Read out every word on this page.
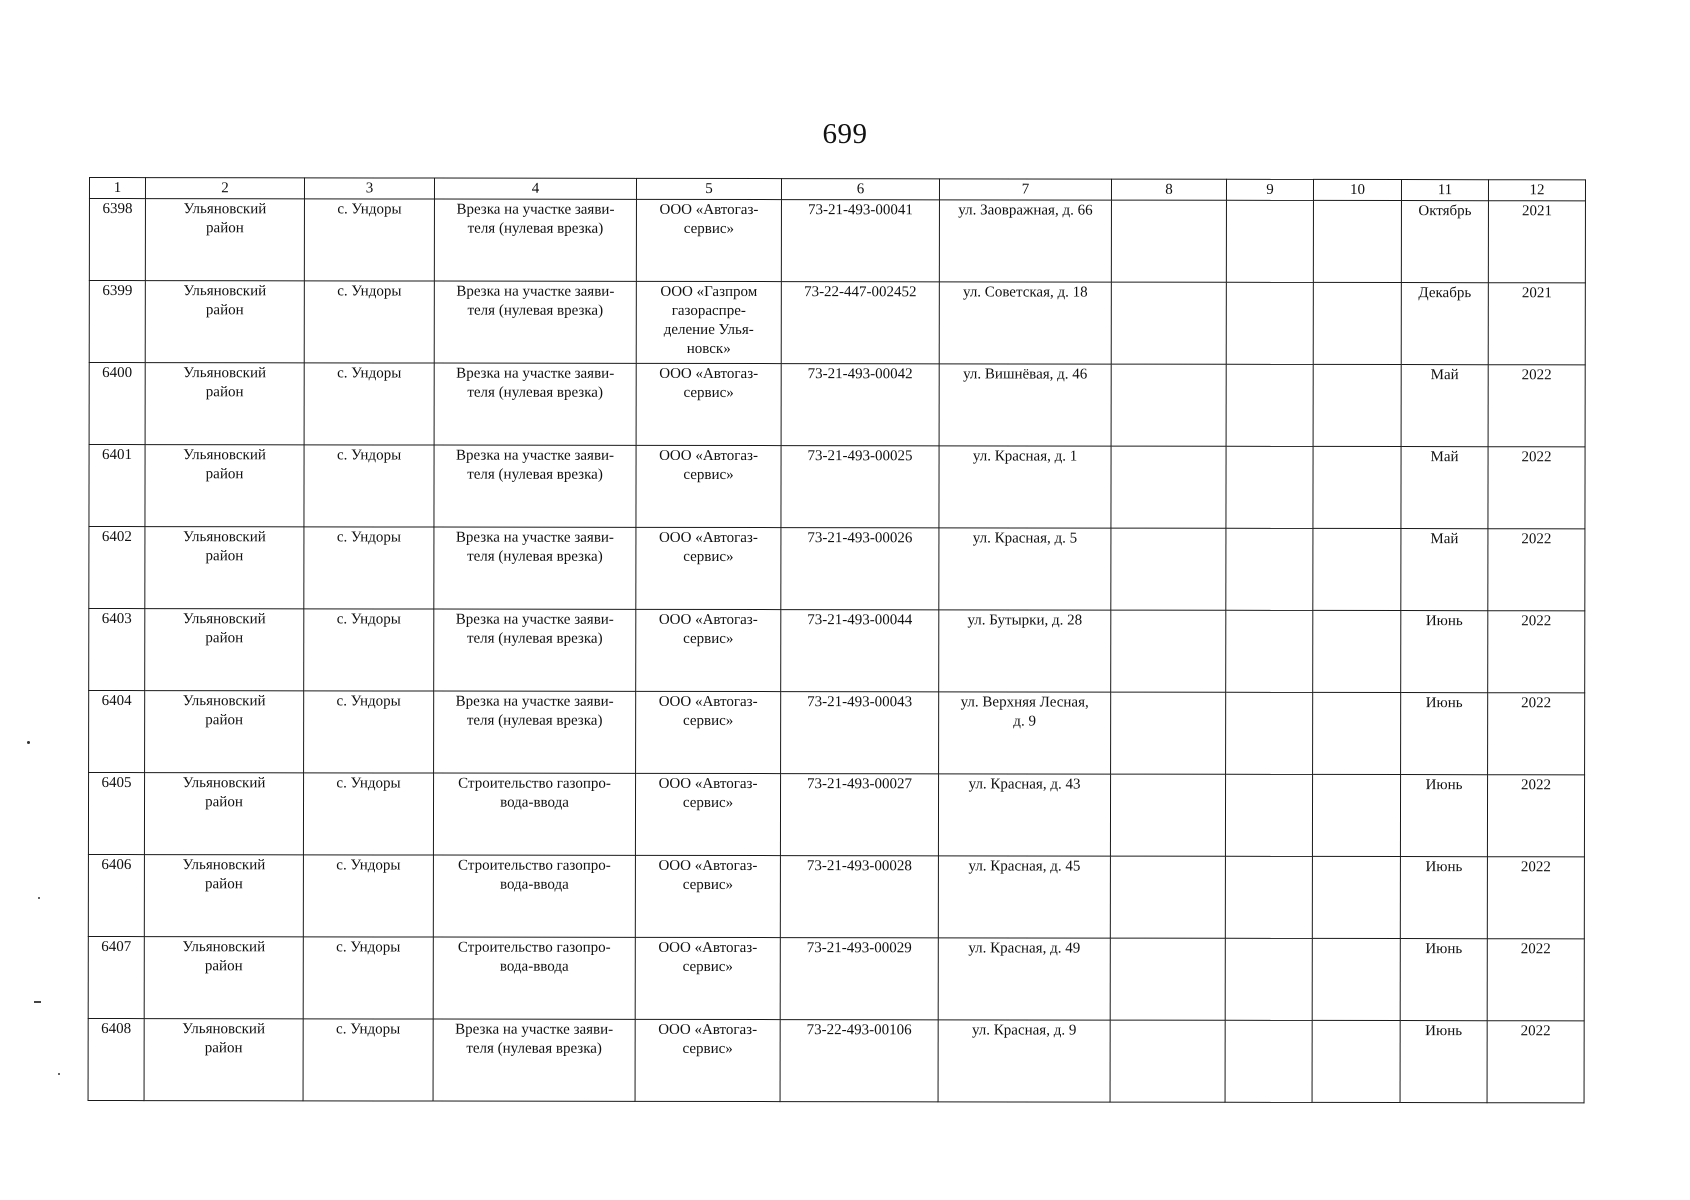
699
1	2	3	4	5	6	7	8	9	10	11	12
6398	Ульяновский
район	с. Ундоры	Врезка на участке заяви-
теля (нулевая врезка)	ООО «Автогаз-
сервис»	73-21-493-00041	ул. Заовражная, д. 66				Октябрь	2021
6399	Ульяновский
район	с. Ундоры	Врезка на участке заяви-
теля (нулевая врезка)	ООО «Газпром
газораспре-
деление Улья-
новск»	73-22-447-002452	ул. Советская, д. 18				Декабрь	2021
6400	Ульяновский
район	с. Ундоры	Врезка на участке заяви-
теля (нулевая врезка)	ООО «Автогаз-
сервис»	73-21-493-00042	ул. Вишнёвая, д. 46				Май	2022
6401	Ульяновский
район	с. Ундоры	Врезка на участке заяви-
теля (нулевая врезка)	ООО «Автогаз-
сервис»	73-21-493-00025	ул. Красная, д. 1				Май	2022
6402	Ульяновский
район	с. Ундоры	Врезка на участке заяви-
теля (нулевая врезка)	ООО «Автогаз-
сервис»	73-21-493-00026	ул. Красная, д. 5				Май	2022
6403	Ульяновский
район	с. Ундоры	Врезка на участке заяви-
теля (нулевая врезка)	ООО «Автогаз-
сервис»	73-21-493-00044	ул. Бутырки, д. 28				Июнь	2022
6404	Ульяновский
район	с. Ундоры	Врезка на участке заяви-
теля (нулевая врезка)	ООО «Автогаз-
сервис»	73-21-493-00043	ул. Верхняя Лесная,
д. 9				Июнь	2022
6405	Ульяновский
район	с. Ундоры	Строительство газопро-
вода-ввода	ООО «Автогаз-
сервис»	73-21-493-00027	ул. Красная, д. 43				Июнь	2022
6406	Ульяновский
район	с. Ундоры	Строительство газопро-
вода-ввода	ООО «Автогаз-
сервис»	73-21-493-00028	ул. Красная, д. 45				Июнь	2022
6407	Ульяновский
район	с. Ундоры	Строительство газопро-
вода-ввода	ООО «Автогаз-
сервис»	73-21-493-00029	ул. Красная, д. 49				Июнь	2022
6408	Ульяновский
район	с. Ундоры	Врезка на участке заяви-
теля (нулевая врезка)	ООО «Автогаз-
сервис»	73-22-493-00106	ул. Красная, д. 9				Июнь	2022
